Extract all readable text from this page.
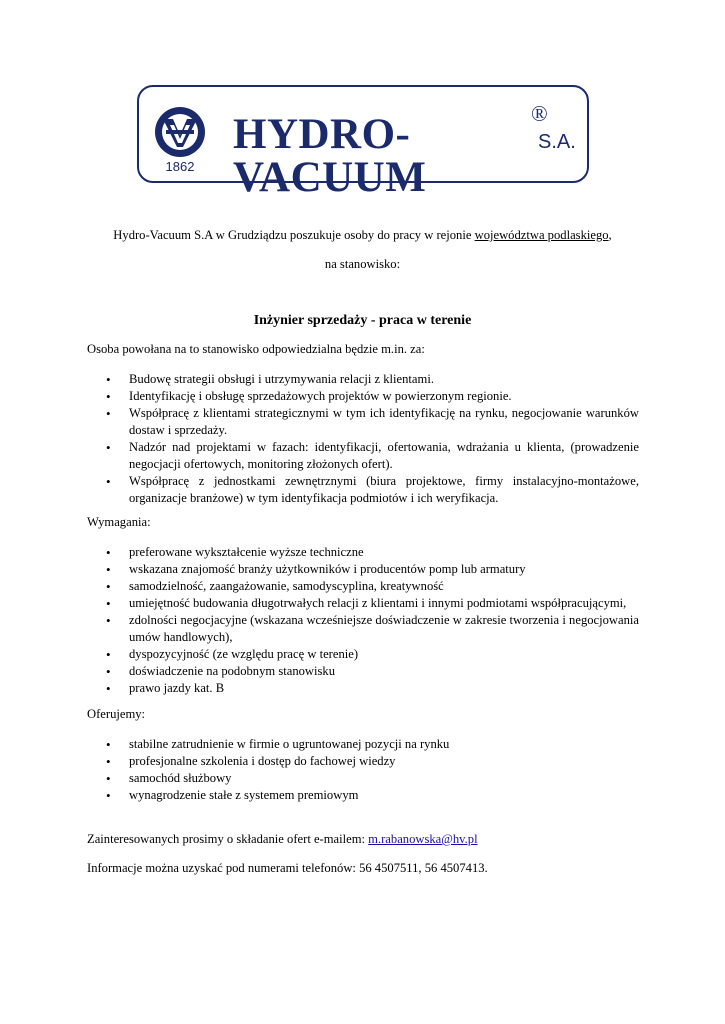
1862
HYDRO-VACUUM
®
S.A.
Hydro-Vacuum S.A w Grudziądzu poszukuje osoby do pracy w rejonie województwa podlaskiego,
na stanowisko:
Inżynier sprzedaży - praca w terenie
Osoba powołana na to stanowisko odpowiedzialna będzie m.in. za:
• Budowę strategii obsługi i utrzymywania relacji z klientami.
• Identyfikację i obsługę sprzedażowych projektów w powierzonym regionie.
• Współpracę z klientami strategicznymi w tym ich identyfikację na rynku, negocjowanie warunków dostaw i sprzedaży.
• Nadzór nad projektami w fazach: identyfikacji, ofertowania, wdrażania u klienta, (prowadzenie negocjacji ofertowych, monitoring złożonych ofert).
• Współpracę z jednostkami zewnętrznymi (biura projektowe, firmy instalacyjno-montażowe, organizacje branżowe) w tym identyfikacja podmiotów i ich weryfikacja.
Wymagania:
• preferowane wykształcenie wyższe techniczne
• wskazana znajomość branży użytkowników i producentów pomp lub armatury
• samodzielność, zaangażowanie, samodyscyplina, kreatywność
• umiejętność budowania długotrwałych relacji z klientami i innymi podmiotami współpracującymi,
• zdolności negocjacyjne (wskazana wcześniejsze doświadczenie w zakresie tworzenia i negocjowania umów handlowych),
• dyspozycyjność (ze względu pracę w terenie)
• doświadczenie na podobnym stanowisku
• prawo jazdy kat. B
Oferujemy:
• stabilne zatrudnienie w firmie o ugruntowanej pozycji na rynku
• profesjonalne szkolenia i dostęp do fachowej wiedzy
• samochód służbowy
• wynagrodzenie stałe z systemem premiowym
Zainteresowanych prosimy o składanie ofert e-mailem: m.rabanowska@hv.pl
Informacje można uzyskać pod numerami telefonów: 56 4507511, 56 4507413.
